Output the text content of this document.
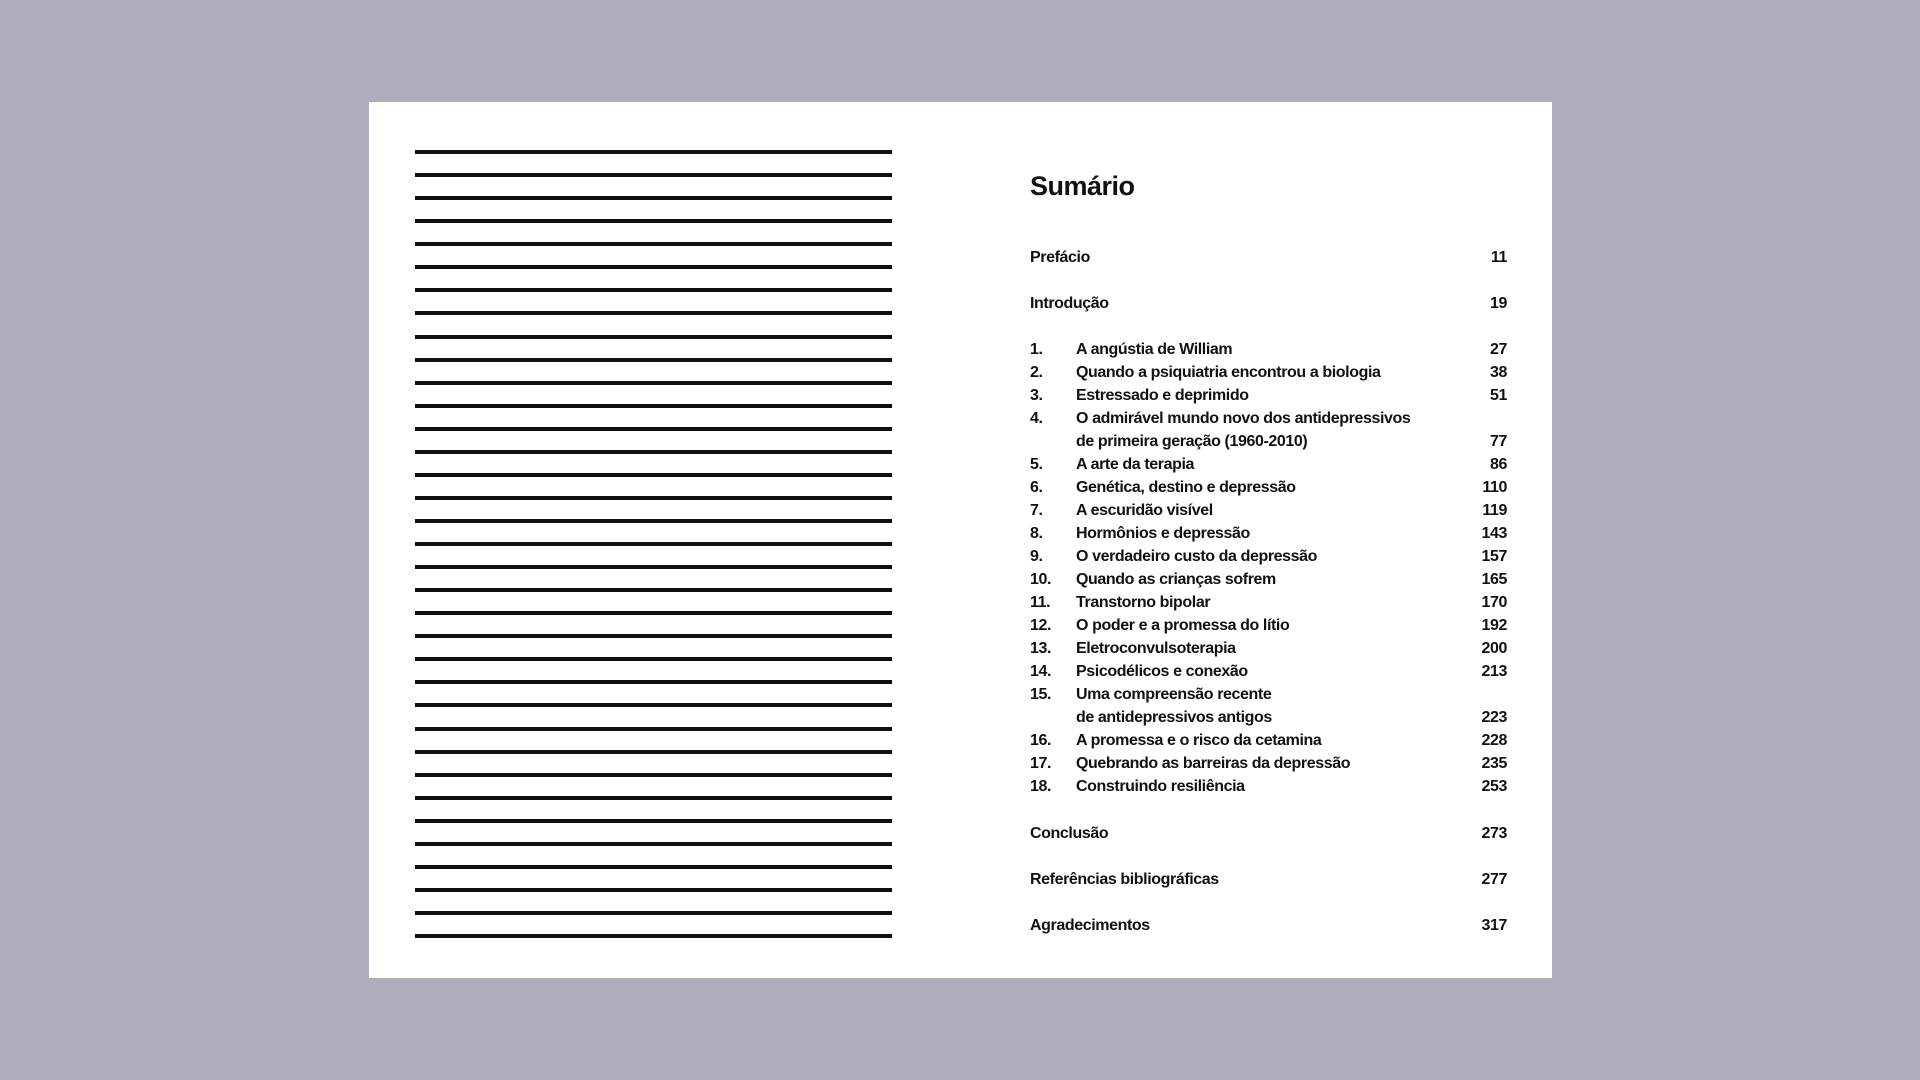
Sumário
Prefácio	11
Introdução	19
1. A angústia de William	27
2. Quando a psiquiatria encontrou a biologia	38
3. Estressado e deprimido	51
4. O admirável mundo novo dos antidepressivos
de primeira geração (1960-2010)	77
5. A arte da terapia	86
6. Genética, destino e depressão	110
7. A escuridão visível	119
8. Hormônios e depressão	143
9. O verdadeiro custo da depressão	157
10. Quando as crianças sofrem	165
11. Transtorno bipolar	170
12. O poder e a promessa do lítio	192
13. Eletroconvulsoterapia	200
14. Psicodélicos e conexão	213
15. Uma compreensão recente
de antidepressivos antigos	223
16. A promessa e o risco da cetamina	228
17. Quebrando as barreiras da depressão	235
18. Construindo resiliência	253
Conclusão	273
Referências bibliográficas	277
Agradecimentos	317
